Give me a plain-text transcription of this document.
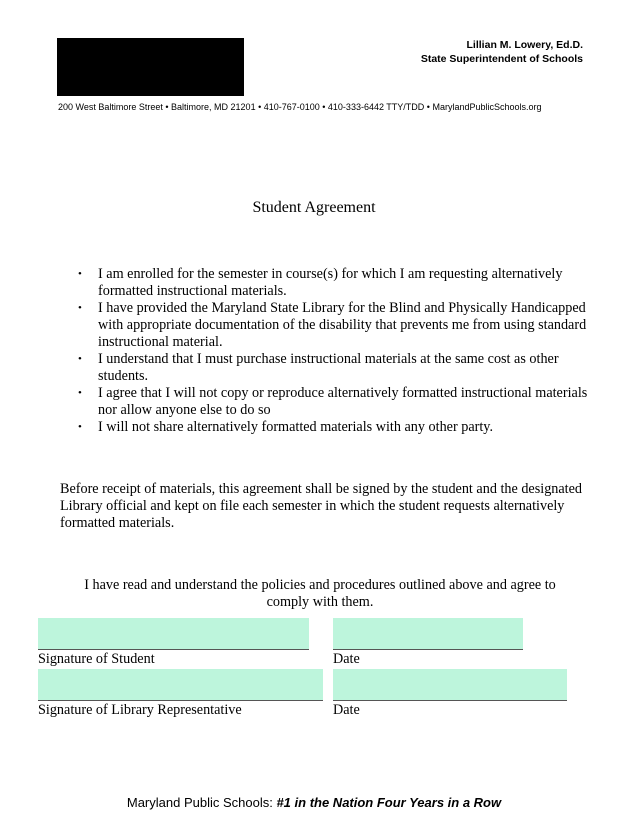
Lillian M. Lowery, Ed.D.
State Superintendent of Schools
200 West Baltimore Street • Baltimore, MD 21201 • 410-767-0100 • 410-333-6442 TTY/TDD • MarylandPublicSchools.org
Student Agreement
• I am enrolled for the semester in course(s) for which I am requesting alternatively formatted instructional materials.
• I have provided the Maryland State Library for the Blind and Physically Handicapped with appropriate documentation of the disability that prevents me from using standard instructional material.
• I understand that I must purchase instructional materials at the same cost as other students.
• I agree that I will not copy or reproduce alternatively formatted instructional materials nor allow anyone else to do so
• I will not share alternatively formatted materials with any other party.
Before receipt of materials, this agreement shall be signed by the student and the designated Library official and kept on file each semester in which the student requests alternatively formatted materials.
I have read and understand the policies and procedures outlined above and agree to comply with them.
Signature of Student	Date
Signature of Library Representative	Date
Maryland Public Schools: #1 in the Nation Four Years in a Row
